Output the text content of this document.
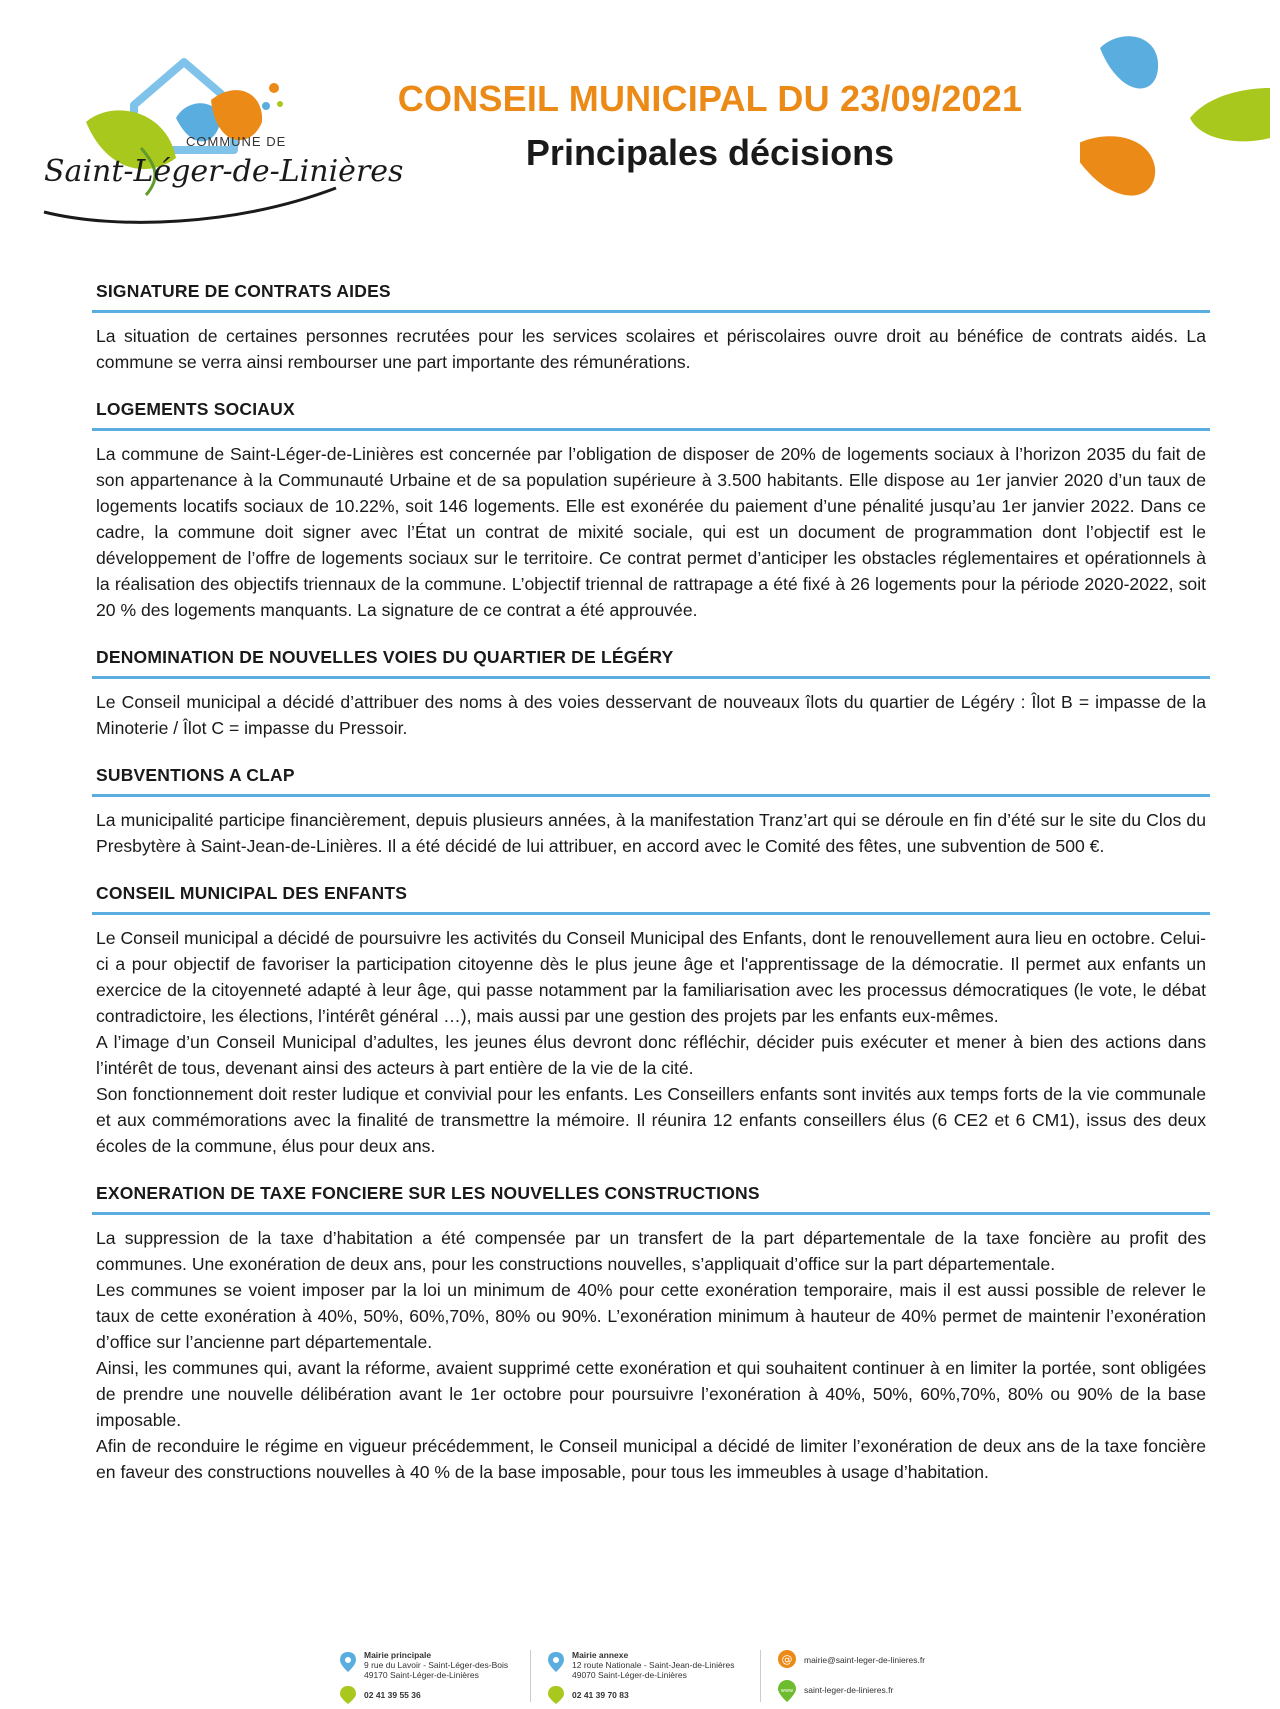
COMMUNE DE
Saint-Léger-de-Linières
CONSEIL MUNICIPAL DU 23/09/2021
Principales décisions
SIGNATURE DE CONTRATS AIDES

La situation de certaines personnes recrutées pour les services scolaires et périscolaires ouvre droit au bénéfice de contrats aidés. La commune se verra ainsi rembourser une part importante des rémunérations.

LOGEMENTS SOCIAUX

La commune de Saint-Léger-de-Linières est concernée par l’obligation de disposer de 20% de logements sociaux à l’horizon 2035 du fait de son appartenance à la Communauté Urbaine et de sa population supérieure à 3.500 habitants. Elle dispose au 1er janvier 2020 d’un taux de logements locatifs sociaux de 10.22%, soit 146 logements. Elle est exonérée du paiement d’une pénalité jusqu’au 1er janvier 2022. Dans ce cadre, la commune doit signer avec l’État un contrat de mixité sociale, qui est un document de programmation dont l’objectif est le développement de l’offre de logements sociaux sur le territoire. Ce contrat permet d’anticiper les obstacles réglementaires et opérationnels à la réalisation des objectifs triennaux de la commune. L’objectif triennal de rattrapage a été fixé à 26 logements pour la période 2020-2022, soit 20 % des logements manquants. La signature de ce contrat a été approuvée.

DENOMINATION DE NOUVELLES VOIES DU QUARTIER DE LÉGÉRY

Le Conseil municipal a décidé d’attribuer des noms à des voies desservant de nouveaux îlots du quartier de Légéry : Îlot B = impasse de la Minoterie / Îlot C = impasse du Pressoir.

SUBVENTIONS A CLAP

La municipalité participe financièrement, depuis plusieurs années, à la manifestation Tranz’art qui se déroule en fin d’été sur le site du Clos du Presbytère à Saint-Jean-de-Linières. Il a été décidé de lui attribuer, en accord avec le Comité des fêtes, une subvention de 500 €.

CONSEIL MUNICIPAL DES ENFANTS

Le Conseil municipal a décidé de poursuivre les activités du Conseil Municipal des Enfants, dont le renouvellement aura lieu en octobre. Celui-ci a pour objectif de favoriser la participation citoyenne dès le plus jeune âge et l'apprentissage de la démocratie. Il permet aux enfants un exercice de la citoyenneté adapté à leur âge, qui passe notamment par la familiarisation avec les processus démocratiques (le vote, le débat contradictoire, les élections, l’intérêt général …), mais aussi par une gestion des projets par les enfants eux-mêmes.

A l’image d’un Conseil Municipal d’adultes, les jeunes élus devront donc réfléchir, décider puis exécuter et mener à bien des actions dans l’intérêt de tous, devenant ainsi des acteurs à part entière de la vie de la cité.

Son fonctionnement doit rester ludique et convivial pour les enfants. Les Conseillers enfants sont invités aux temps forts de la vie communale et aux commémorations avec la finalité de transmettre la mémoire. Il réunira 12 enfants conseillers élus (6 CE2 et 6 CM1), issus des deux écoles de la commune, élus pour deux ans.

EXONERATION DE TAXE FONCIERE SUR LES NOUVELLES CONSTRUCTIONS

La suppression de la taxe d’habitation a été compensée par un transfert de la part départementale de la taxe foncière au profit des communes. Une exonération de deux ans, pour les constructions nouvelles, s’appliquait d’office sur la part départementale.

Les communes se voient imposer par la loi un minimum de 40% pour cette exonération temporaire, mais il est aussi possible de relever le taux de cette exonération à 40%, 50%, 60%,70%, 80% ou 90%. L’exonération minimum à hauteur de 40% permet de maintenir l’exonération d’office sur l’ancienne part départementale.

Ainsi, les communes qui, avant la réforme, avaient supprimé cette exonération et qui souhaitent continuer à en limiter la portée, sont obligées de prendre une nouvelle délibération avant le 1er octobre pour poursuivre l’exonération à 40%, 50%, 60%,70%, 80% ou 90% de la base imposable.

Afin de reconduire le régime en vigueur précédemment, le Conseil municipal a décidé de limiter l’exonération de deux ans de la taxe foncière en faveur des constructions nouvelles à 40 % de la base imposable, pour tous les immeubles à usage d’habitation.

Mairie principale
9 rue du Lavoir - Saint-Léger-des-Bois
49170 Saint-Léger-de-Linières
02 41 39 55 36
Mairie annexe
12 route Nationale - Saint-Jean-de-Linières
49070 Saint-Léger-de-Linières
02 41 39 70 83
@ mairie@saint-leger-de-linieres.fr
www saint-leger-de-linieres.fr
